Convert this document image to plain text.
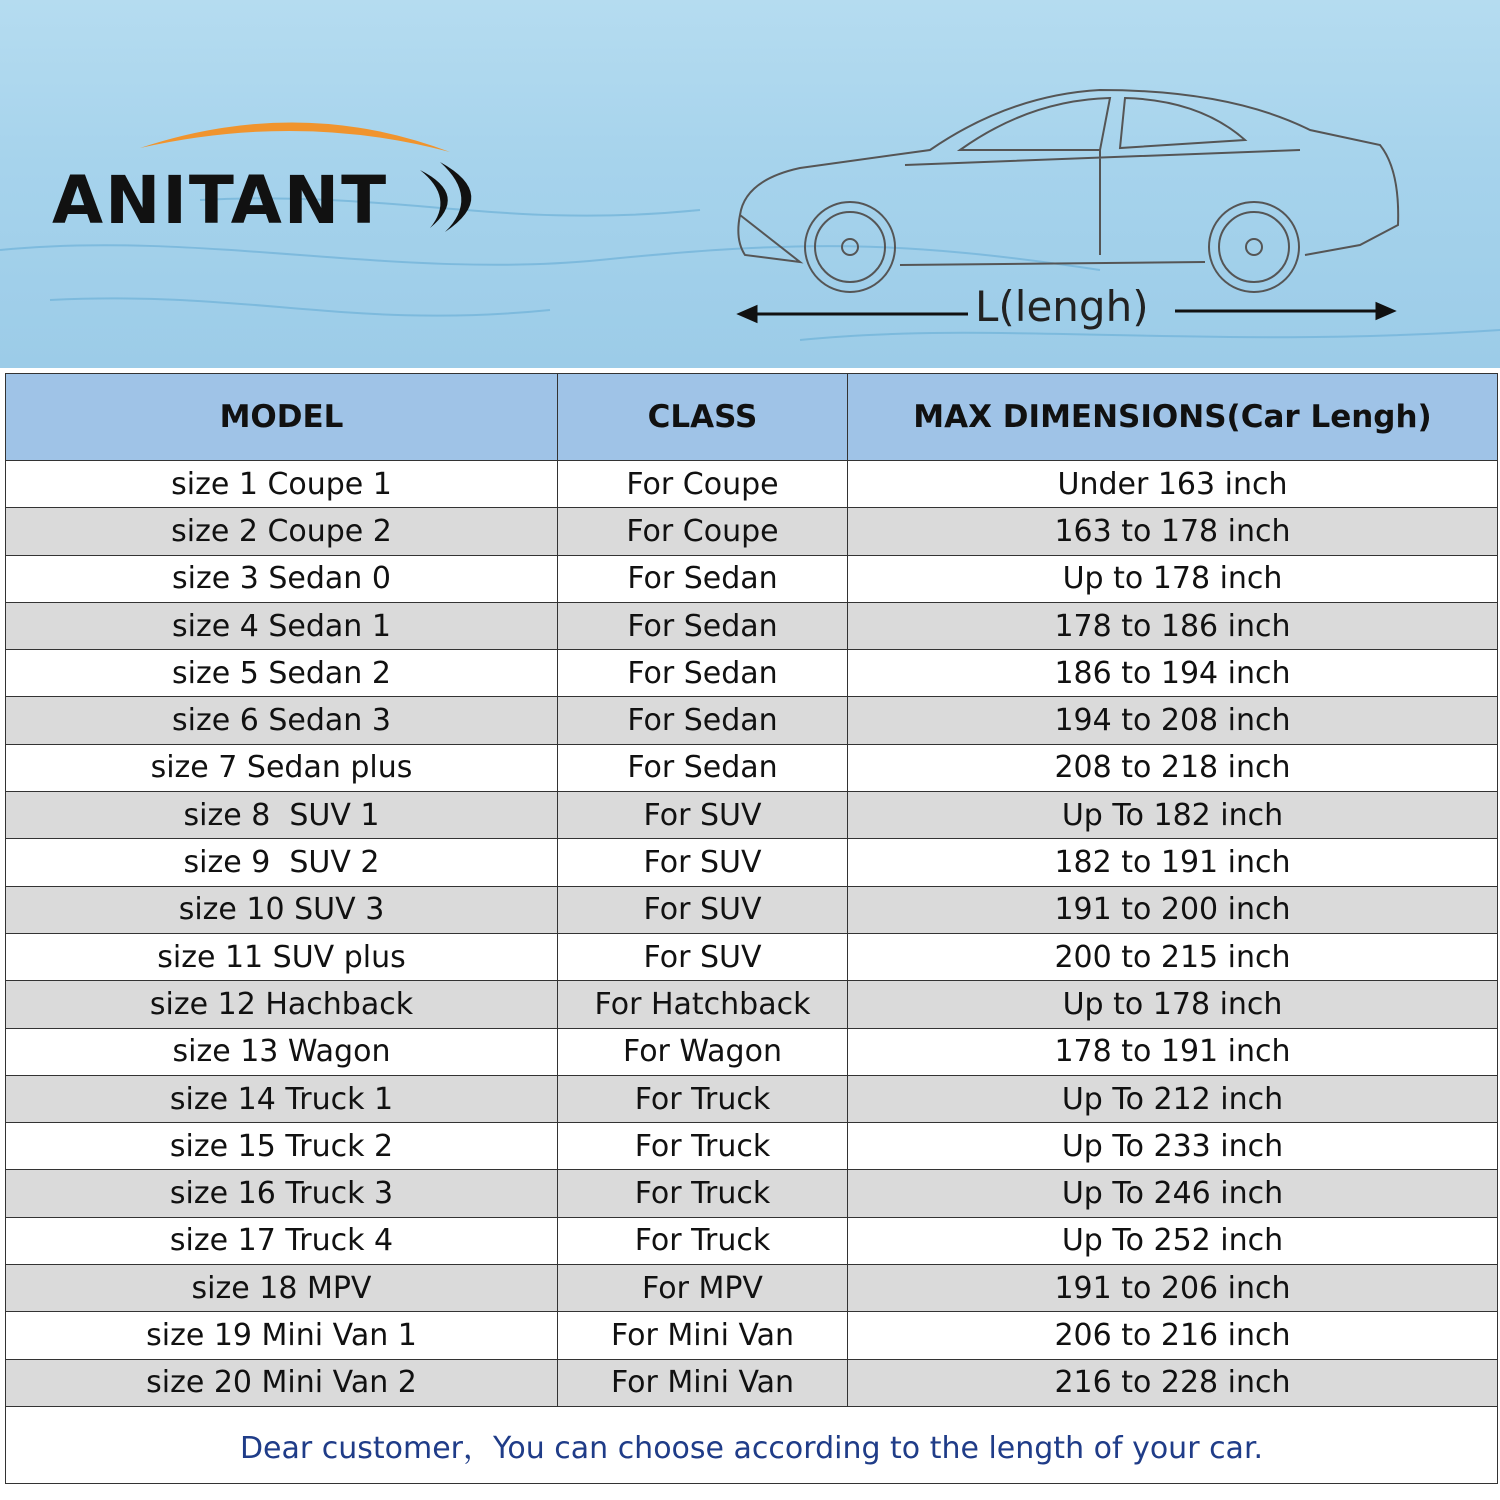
ANITANT
L(lengh)
MODEL	CLASS	MAX DIMENSIONS(Car Lengh)
size 1 Coupe 1	For Coupe	Under 163 inch
size 2 Coupe 2	For Coupe	163 to 178 inch
size 3 Sedan 0	For Sedan	Up to 178 inch
size 4 Sedan 1	For Sedan	178 to 186 inch
size 5 Sedan 2	For Sedan	186 to 194 inch
size 6 Sedan 3	For Sedan	194 to 208 inch
size 7 Sedan plus	For Sedan	208 to 218 inch
size 8  SUV 1	For SUV	Up To 182 inch
size 9  SUV 2	For SUV	182 to 191 inch
size 10 SUV 3	For SUV	191 to 200 inch
size 11 SUV plus	For SUV	200 to 215 inch
size 12 Hachback	For Hatchback	Up to 178 inch
size 13 Wagon	For Wagon	178 to 191 inch
size 14 Truck 1	For Truck	Up To 212 inch
size 15 Truck 2	For Truck	Up To 233 inch
size 16 Truck 3	For Truck	Up To 246 inch
size 17 Truck 4	For Truck	Up To 252 inch
size 18 MPV	For MPV	191 to 206 inch
size 19 Mini Van 1	For Mini Van	206 to 216 inch
size 20 Mini Van 2	For Mini Van	216 to 228 inch
Dear customer，You can choose according to the length of your car.		
